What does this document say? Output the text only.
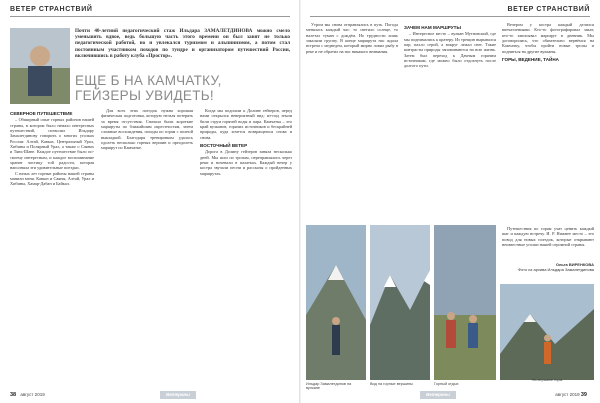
ВЕТЕР СТРАНСТВИЙ
Почти 40-летний педагогический стаж Ильдара ЗАМАЛЕТДИНОВА можно смело уменьшить вдвое, ведь большую часть этого времени он был занят не только педагогической работой, но и увлекался туризмом и альпинизмом, а потом стал постоянным участником походов по тундре и организатором путешествий России, включившись в работу клуба «Простор».
ЕЩЕ Б НА КАМЧАТКУ, ГЕЙЗЕРЫ УВИДЕТЬ!
СЕВЕРНОЕ ПУТЕШЕСТВИЕ

– Обширный опыт горных районов нашей страны, в котором было немало интересных путешествий, позволил Ильдару Замалетдинову говорить о многих уголках России: Алтай, Кавказ, Центральный Урал, Хибины и Полярный Урал, а также о Саянах и Тянь-Шане. Каждое путешествие было по-своему интересным, и каждое воспоминание хранит частицу той радости, которая наполняла эти удивительные поездки.

С юных лет горные районы нашей страны манили меня. Кавказ и Саяны, Алтай, Урал и Хибины, Хамар-Дабан и Байкал.

Для всех этих поездок нужна хорошая физическая подготовка, которую нельзя потерять за время отсутствия. Сначала были короткие маршруты по ближайшим окрестностям, затем сложные восхождения, походы по горам с полной выкладкой. Благодаря тренировкам удалось одолеть несколько горных вершин и преодолеть маршрут по Камчатке.

Когда мы подошли к Долине гейзеров, перед нами открылся невероятный вид: из-под земли били струи горячей воды и пара. Камчатка – это край вулканов, горячих источников и бескрайней природы, куда хочется возвращаться снова и снова.

ВОСТОЧНЫЙ ВЕТЕР

Дорога в Долину гейзеров заняла несколько дней. Мы шли по тропам, переправлялись через реки и ночевали в палатках. Каждый вечер у костра звучали песни и рассказы о пройденных маршрутах.

38 август 2019	Ветераны
ВЕТЕР СТРАНСТВИЙ

Утром мы снова отправлялись в путь. Погода менялась каждый час: то светило солнце, то налетал туман с дождём. Но трудности лишь закаляли группу. В конце маршрута нас ждала встреча с медведем, который мирно ловил рыбу в реке и не обратил на нас никакого внимания.

ЗАЧЕМ НАМ МАРШРУТЫ

– Интересное место – вулкан Мутновский, где мы поднимались к кратеру. Из трещин вырывался пар, пахло серой, а вокруг лежал снег. Такие контрасты природы запоминаются на всю жизнь. Затем был переход к Дачным горячим источникам, где можно было отдохнуть после долгого пути.

Вечером у костра каждый делился впечатлениями. Кто-то фотографировал закат, кто-то записывал маршрут в дневник. Мы договорились, что обязательно вернёмся на Камчатку, чтобы пройти новые тропы и подняться на другие вулканы.

ГОРЫ, ВЕДЕНИЕ, ТАЙНА

Путешествия по горам учат ценить каждый шаг и каждую встречу. И. Р. Нижнее место – это повод для новых поездок, которые открывают неизвестные уголки нашей огромной страны.

Ольга ВИРЕНКОВА
Фото из архива Ильдара Замалетдинова
Ильдар Замалетдинов на вулкане
Вид на горные вершины	Горный отдых
На вершине горы
Ветераны	август 2019 39
